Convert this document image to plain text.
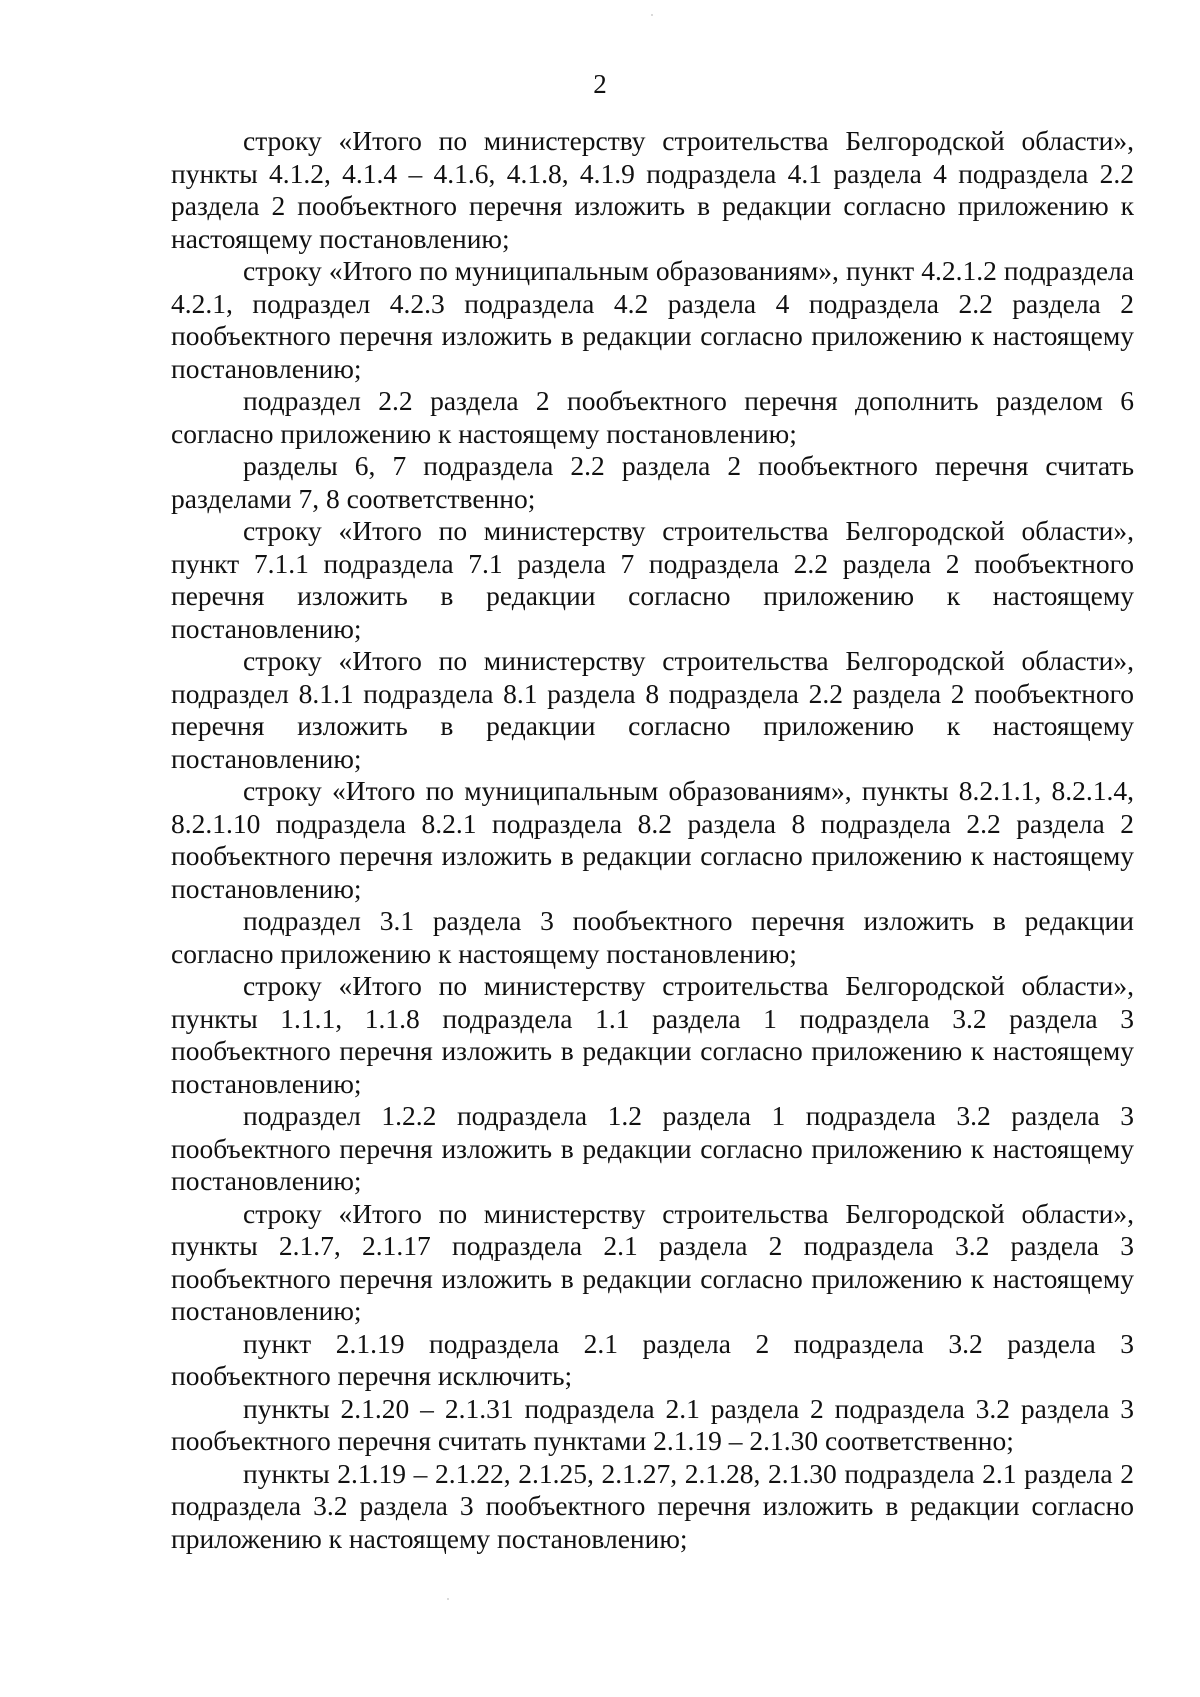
2

строку «Итого по министерству строительства Белгородской области», пункты 4.1.2, 4.1.4 – 4.1.6, 4.1.8, 4.1.9 подраздела 4.1 раздела 4 подраздела 2.2 раздела 2 пообъектного перечня изложить в редакции согласно приложению к настоящему постановлению;

строку «Итого по муниципальным образованиям», пункт 4.2.1.2 подраздела 4.2.1, подраздел 4.2.3 подраздела 4.2 раздела 4 подраздела 2.2 раздела 2 пообъектного перечня изложить в редакции согласно приложению к настоящему постановлению;

подраздел 2.2 раздела 2 пообъектного перечня дополнить разделом 6 согласно приложению к настоящему постановлению;

разделы 6, 7 подраздела 2.2 раздела 2 пообъектного перечня считать разделами 7, 8 соответственно;

строку «Итого по министерству строительства Белгородской области», пункт 7.1.1 подраздела 7.1 раздела 7 подраздела 2.2 раздела 2 пообъектного перечня изложить в редакции согласно приложению к настоящему постановлению;

строку «Итого по министерству строительства Белгородской области», подраздел 8.1.1 подраздела 8.1 раздела 8 подраздела 2.2 раздела 2 пообъектного перечня изложить в редакции согласно приложению к настоящему постановлению;

строку «Итого по муниципальным образованиям», пункты 8.2.1.1, 8.2.1.4, 8.2.1.10 подраздела 8.2.1 подраздела 8.2 раздела 8 подраздела 2.2 раздела 2 пообъектного перечня изложить в редакции согласно приложению к настоящему постановлению;

подраздел 3.1 раздела 3 пообъектного перечня изложить в редакции согласно приложению к настоящему постановлению;

строку «Итого по министерству строительства Белгородской области», пункты 1.1.1, 1.1.8 подраздела 1.1 раздела 1 подраздела 3.2 раздела 3 пообъектного перечня изложить в редакции согласно приложению к настоящему постановлению;

подраздел 1.2.2 подраздела 1.2 раздела 1 подраздела 3.2 раздела 3 пообъектного перечня изложить в редакции согласно приложению к настоящему постановлению;

строку «Итого по министерству строительства Белгородской области», пункты 2.1.7, 2.1.17 подраздела 2.1 раздела 2 подраздела 3.2 раздела 3 пообъектного перечня изложить в редакции согласно приложению к настоящему постановлению;

пункт 2.1.19 подраздела 2.1 раздела 2 подраздела 3.2 раздела 3 пообъектного перечня исключить;

пункты 2.1.20 – 2.1.31 подраздела 2.1 раздела 2 подраздела 3.2 раздела 3 пообъектного перечня считать пунктами 2.1.19 – 2.1.30 соответственно;

пункты 2.1.19 – 2.1.22, 2.1.25, 2.1.27, 2.1.28, 2.1.30 подраздела 2.1 раздела 2 подраздела 3.2 раздела 3 пообъектного перечня изложить в редакции согласно приложению к настоящему постановлению;
